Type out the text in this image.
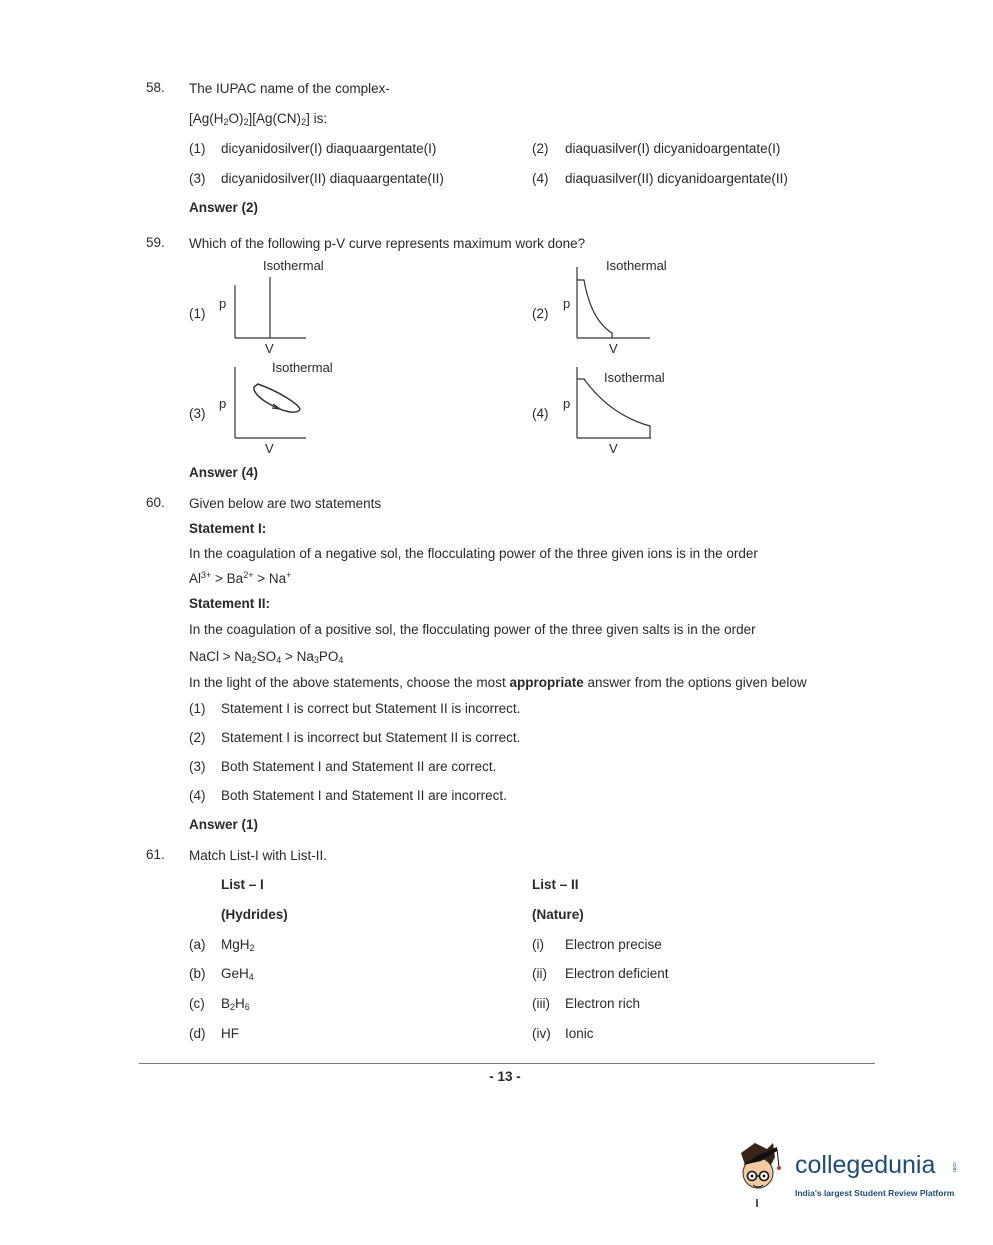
58. The IUPAC name of the complex-
$[Ag(H_2O)_2][Ag(CN)_2]$ is:
(1) dicyanidosilver(I) diaquaargentate(I)	(2) diaquasilver(I) dicyanidoargentate(I)
(3) dicyanidosilver(II) diaquaargentate(II)	(4) diaquasilver(II) dicyanidoargentate(II)
Answer (2)
59. Which of the following p-V curve represents maximum work done?
(1)
Isothermal
p
V
(2)
Isothermal
p
V
(3)
Isothermal
p
V
(4)
Isothermal
p
V
Answer (4)
60. Given below are two statements
Statement I:
In the coagulation of a negative sol, the flocculating power of the three given ions is in the order
$Al^{3+} > Ba^{2+} > Na^+$
Statement II:
In the coagulation of a positive sol, the flocculating power of the three given salts is in the order
NaCl > $Na_2SO_4 > Na_3PO_4$
In the light of the above statements, choose the most appropriate answer from the options given below
(1) Statement I is correct but Statement II is incorrect.
(2) Statement I is incorrect but Statement II is correct.
(3) Both Statement I and Statement II are correct.
(4) Both Statement I and Statement II are incorrect.
Answer (1)
61. Match List-I with List-II.
List – I	List – II
(Hydrides)	(Nature)
(a) MgH$_2$	(i) Electron precise
(b) GeH$_4$	(ii) Electron deficient
(c) $B_2H_6$	(iii) Electron rich
(d) HF	(iv) Ionic
- 13 -
collegedunia	.com
India's largest Student Review Platform
